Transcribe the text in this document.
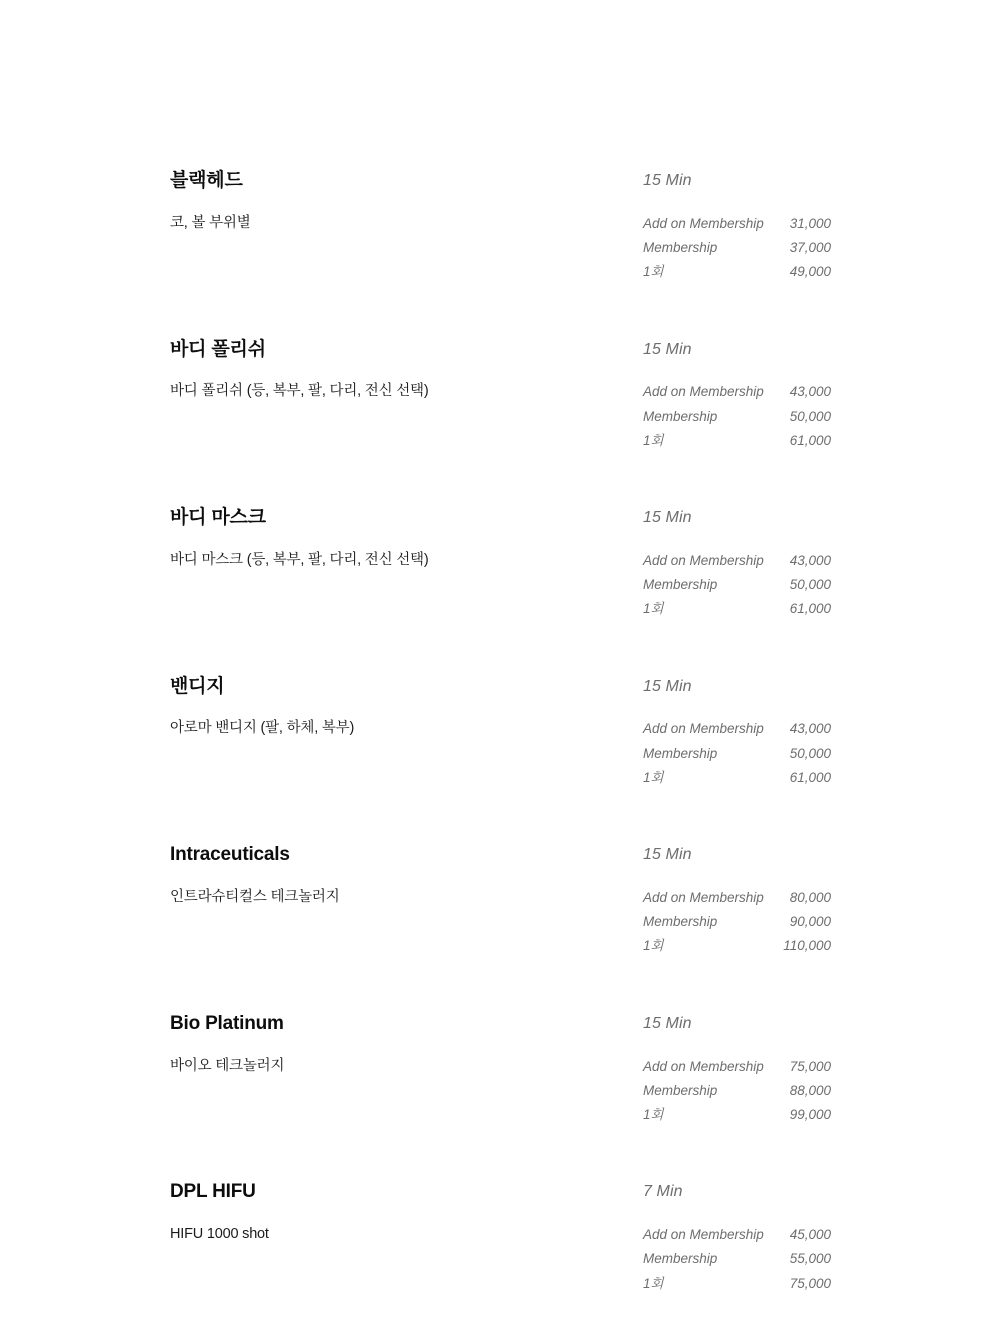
블랙헤드	15 Min
코, 볼 부위별	Add on Membership	31,000
Membership	37,000
1회	49,000
바디 폴리쉬	15 Min
바디 폴리쉬 (등, 복부, 팔, 다리, 전신 선택)	Add on Membership	43,000
Membership	50,000
1회	61,000
바디 마스크	15 Min
바디 마스크 (등, 복부, 팔, 다리, 전신 선택)	Add on Membership	43,000
Membership	50,000
1회	61,000
밴디지	15 Min
아로마 밴디지 (팔, 하체, 복부)	Add on Membership	43,000
Membership	50,000
1회	61,000
Intraceuticals	15 Min
인트라슈티컬스 테크놀러지	Add on Membership	80,000
Membership	90,000
1회	110,000
Bio Platinum	15 Min
바이오 테크놀러지	Add on Membership	75,000
Membership	88,000
1회	99,000
DPL HIFU	7 Min
HIFU 1000 shot	Add on Membership	45,000
Membership	55,000
1회	75,000
